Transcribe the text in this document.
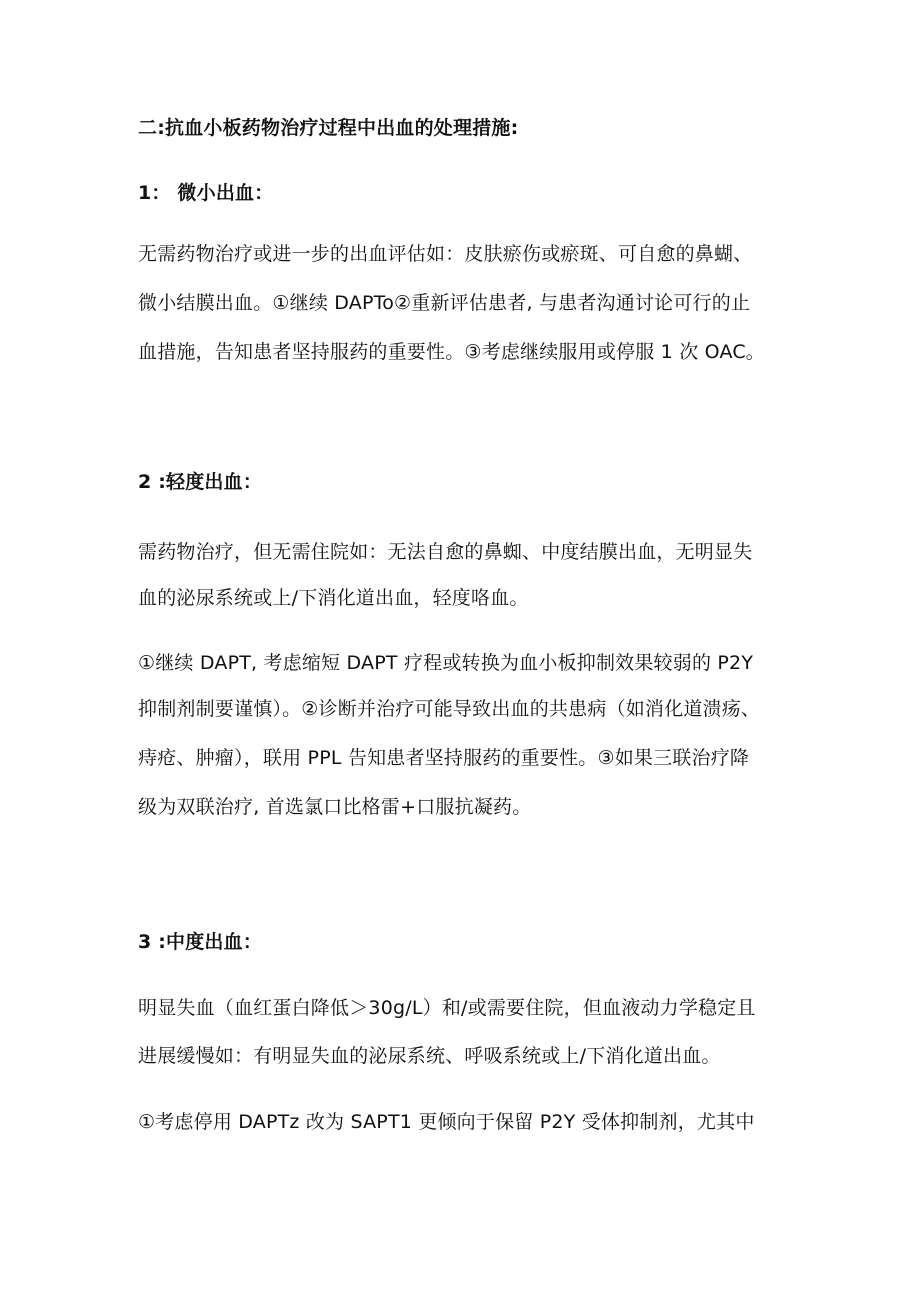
二:抗血小板药物治疗过程中出血的处理措施:
1： 微小出血：
无需药物治疗或进一步的出血评估如：皮肤瘀伤或瘀斑、可自愈的鼻蝴、
微小结膜出血。①继续 DAPTo②重新评估患者, 与患者沟通讨论可行的止
血措施，告知患者坚持服药的重要性。③考虑继续服用或停服 1 次 OAC。
2 :轻度出血：
需药物治疗，但无需住院如：无法自愈的鼻蜘、中度结膜出血，无明显失
血的泌尿系统或上/下消化道出血，轻度咯血。
①继续 DAPT, 考虑缩短 DAPT 疗程或转换为血小板抑制效果较弱的 P2Y
抑制剂制要谨慎）。②诊断并治疗可能导致出血的共患病（如消化道溃疡、
痔疮、肿瘤），联用 PPL 告知患者坚持服药的重要性。③如果三联治疗降
级为双联治疗, 首选氯口比格雷+口服抗凝药。
3 :中度出血：
明显失血（血红蛋白降低＞30g/L）和/或需要住院，但血液动力学稳定且
进展缓慢如：有明显失血的泌尿系统、呼吸系统或上/下消化道出血。
①考虑停用 DAPTz 改为 SAPT1 更倾向于保留 P2Y 受体抑制剂，尤其中
